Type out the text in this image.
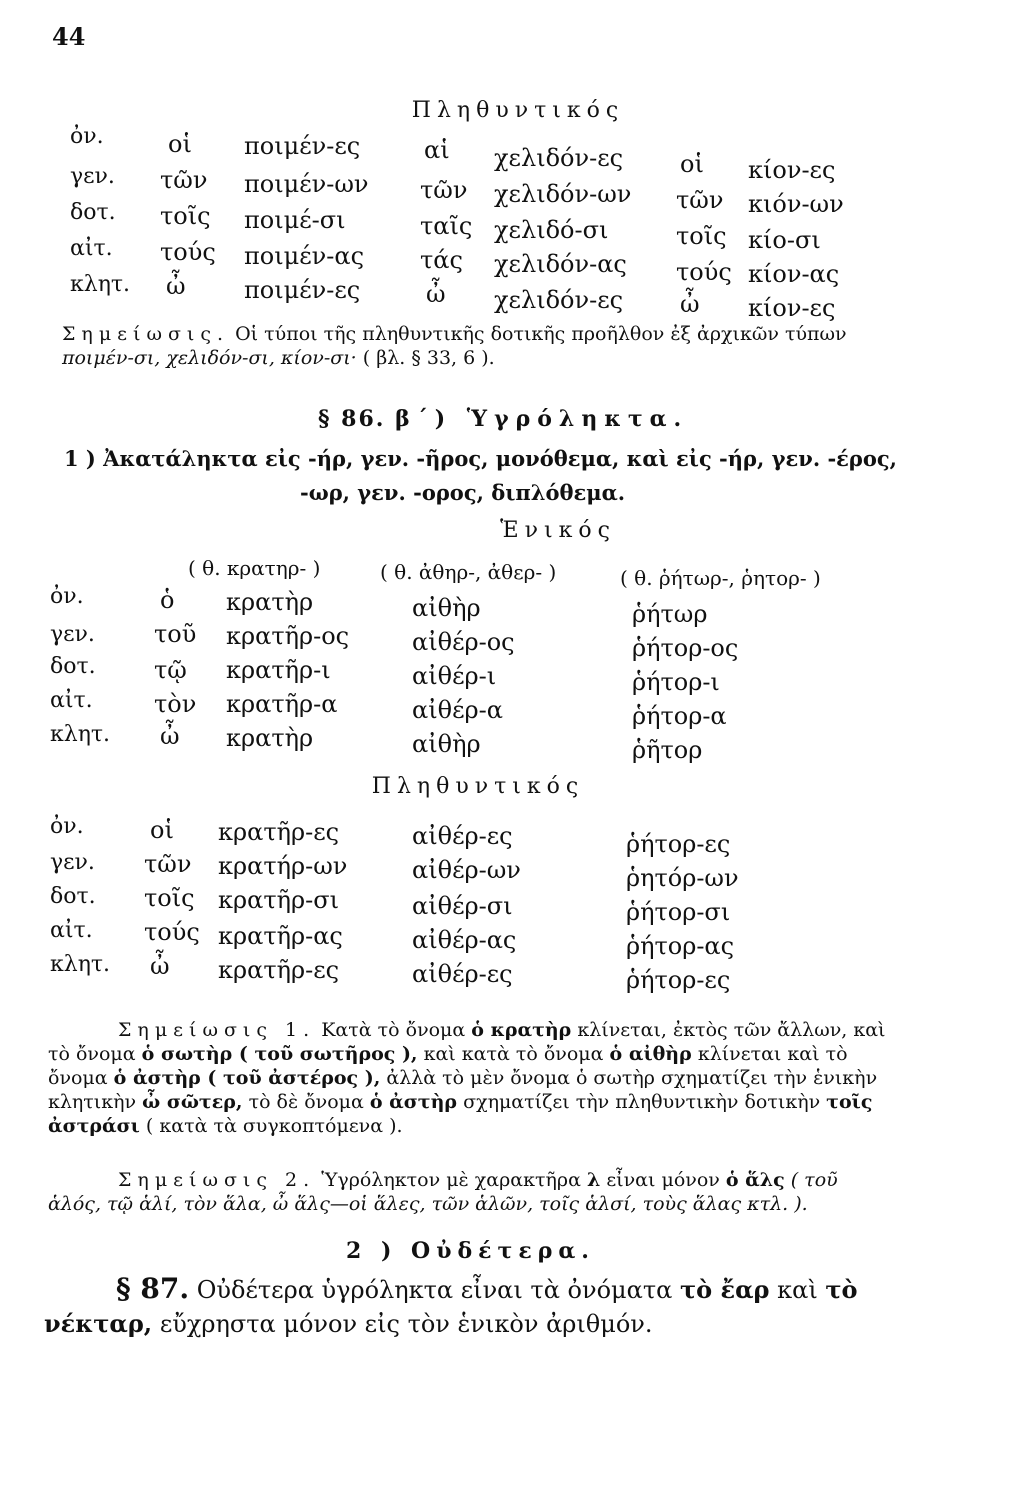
44
Πληθυντικός
ὀν.
γεν.
δοτ.
αἰτ.
κλητ.
οἱ
τῶν
τοῖς
τούς
ὦ
ποιμέν-ες
ποιμέν-ων
ποιμέ-σι
ποιμέν-ας
ποιμέν-ες
αἱ
τῶν
ταῖς
τάς
ὦ
χελιδόν-ες
χελιδόν-ων
χελιδό-σι
χελιδόν-ας
χελιδόν-ες
οἱ
τῶν
τοῖς
τούς
ὦ
κίον-ες
κιόν-ων
κίο-σι
κίον-ας
κίον-ες
Σημείωσις. Οἱ τύποι τῆς πληθυντικῆς δοτικῆς προῆλθον ἐξ ἀρχικῶν τύπων ποιμέν-σι, χελιδόν-σι, κίον-σι· ( βλ. § 33, 6 ).
§ 86. β΄) Ὑγρόληκτα.
1 ) Ἀκατάληκτα εἰς -ήρ, γεν. -ῆρος, μονόθεμα, καὶ εἰς -ήρ, γεν. -έρος,
-ωρ, γεν. -ορος, διπλόθεμα.
Ἑνικός
( θ. κρατηρ- )	( θ. ἀθηρ-, ἀθερ- )	( θ. ῥήτωρ-, ῥητορ- )
ὀν.
γεν.
δοτ.
αἰτ.
κλητ.
ὁ
τοῦ
τῷ
τὸν
ὦ
κρατὴρ
κρατῆρ-ος
κρατῆρ-ι
κρατῆρ-α
κρατὴρ
αἰθὴρ
αἰθέρ-ος
αἰθέρ-ι
αἰθέρ-α
αἰθὴρ
ῥήτωρ
ῥήτορ-ος
ῥήτορ-ι
ῥήτορ-α
ῥῆτορ
Πληθυντικός
ὀν.
γεν.
δοτ.
αἰτ.
κλητ.
οἱ
τῶν
τοῖς
τούς
ὦ
κρατῆρ-ες
κρατήρ-ων
κρατῆρ-σι
κρατῆρ-ας
κρατῆρ-ες
αἰθέρ-ες
αἰθέρ-ων
αἰθέρ-σι
αἰθέρ-ας
αἰθέρ-ες
ῥήτορ-ες
ῥητόρ-ων
ῥήτορ-σι
ῥήτορ-ας
ῥήτορ-ες
Σημείωσις 1. Κατὰ τὸ ὄνομα ὁ κρατὴρ κλίνεται, ἐκτὸς τῶν ἄλλων, καὶ τὸ ὄνομα ὁ σωτὴρ ( τοῦ σωτῆρος ), καὶ κατὰ τὸ ὄνομα ὁ αἰθὴρ κλίνεται καὶ τὸ ὄνομα ὁ ἀστὴρ ( τοῦ ἀστέρος ), ἀλλὰ τὸ μὲν ὄνομα ὁ σωτὴρ σχηματίζει τὴν ἑνικὴν κλητικὴν ὦ σῶτερ, τὸ δὲ ὄνομα ὁ ἀστὴρ σχηματίζει τὴν πληθυντικὴν δοτικὴν τοῖς ἀστράσι ( κατὰ τὰ συγκοπτόμενα ).
Σημείωσις 2. Ὑγρόληκτον μὲ χαρακτῆρα λ εἶναι μόνον ὁ ἅλς ( τοῦ ἁλός, τῷ ἁλί, τὸν ἅλα, ὦ ἅλς—οἱ ἅλες, τῶν ἁλῶν, τοῖς ἁλσί, τοὺς ἅλας κτλ. ).
2 ) Οὐδέτερα.
§ 87. Οὐδέτερα ὑγρόληκτα εἶναι τὰ ὀνόματα τὸ ἔαρ καὶ τὸ νέκταρ, εὔχρηστα μόνον εἰς τὸν ἑνικὸν ἀριθμόν.
